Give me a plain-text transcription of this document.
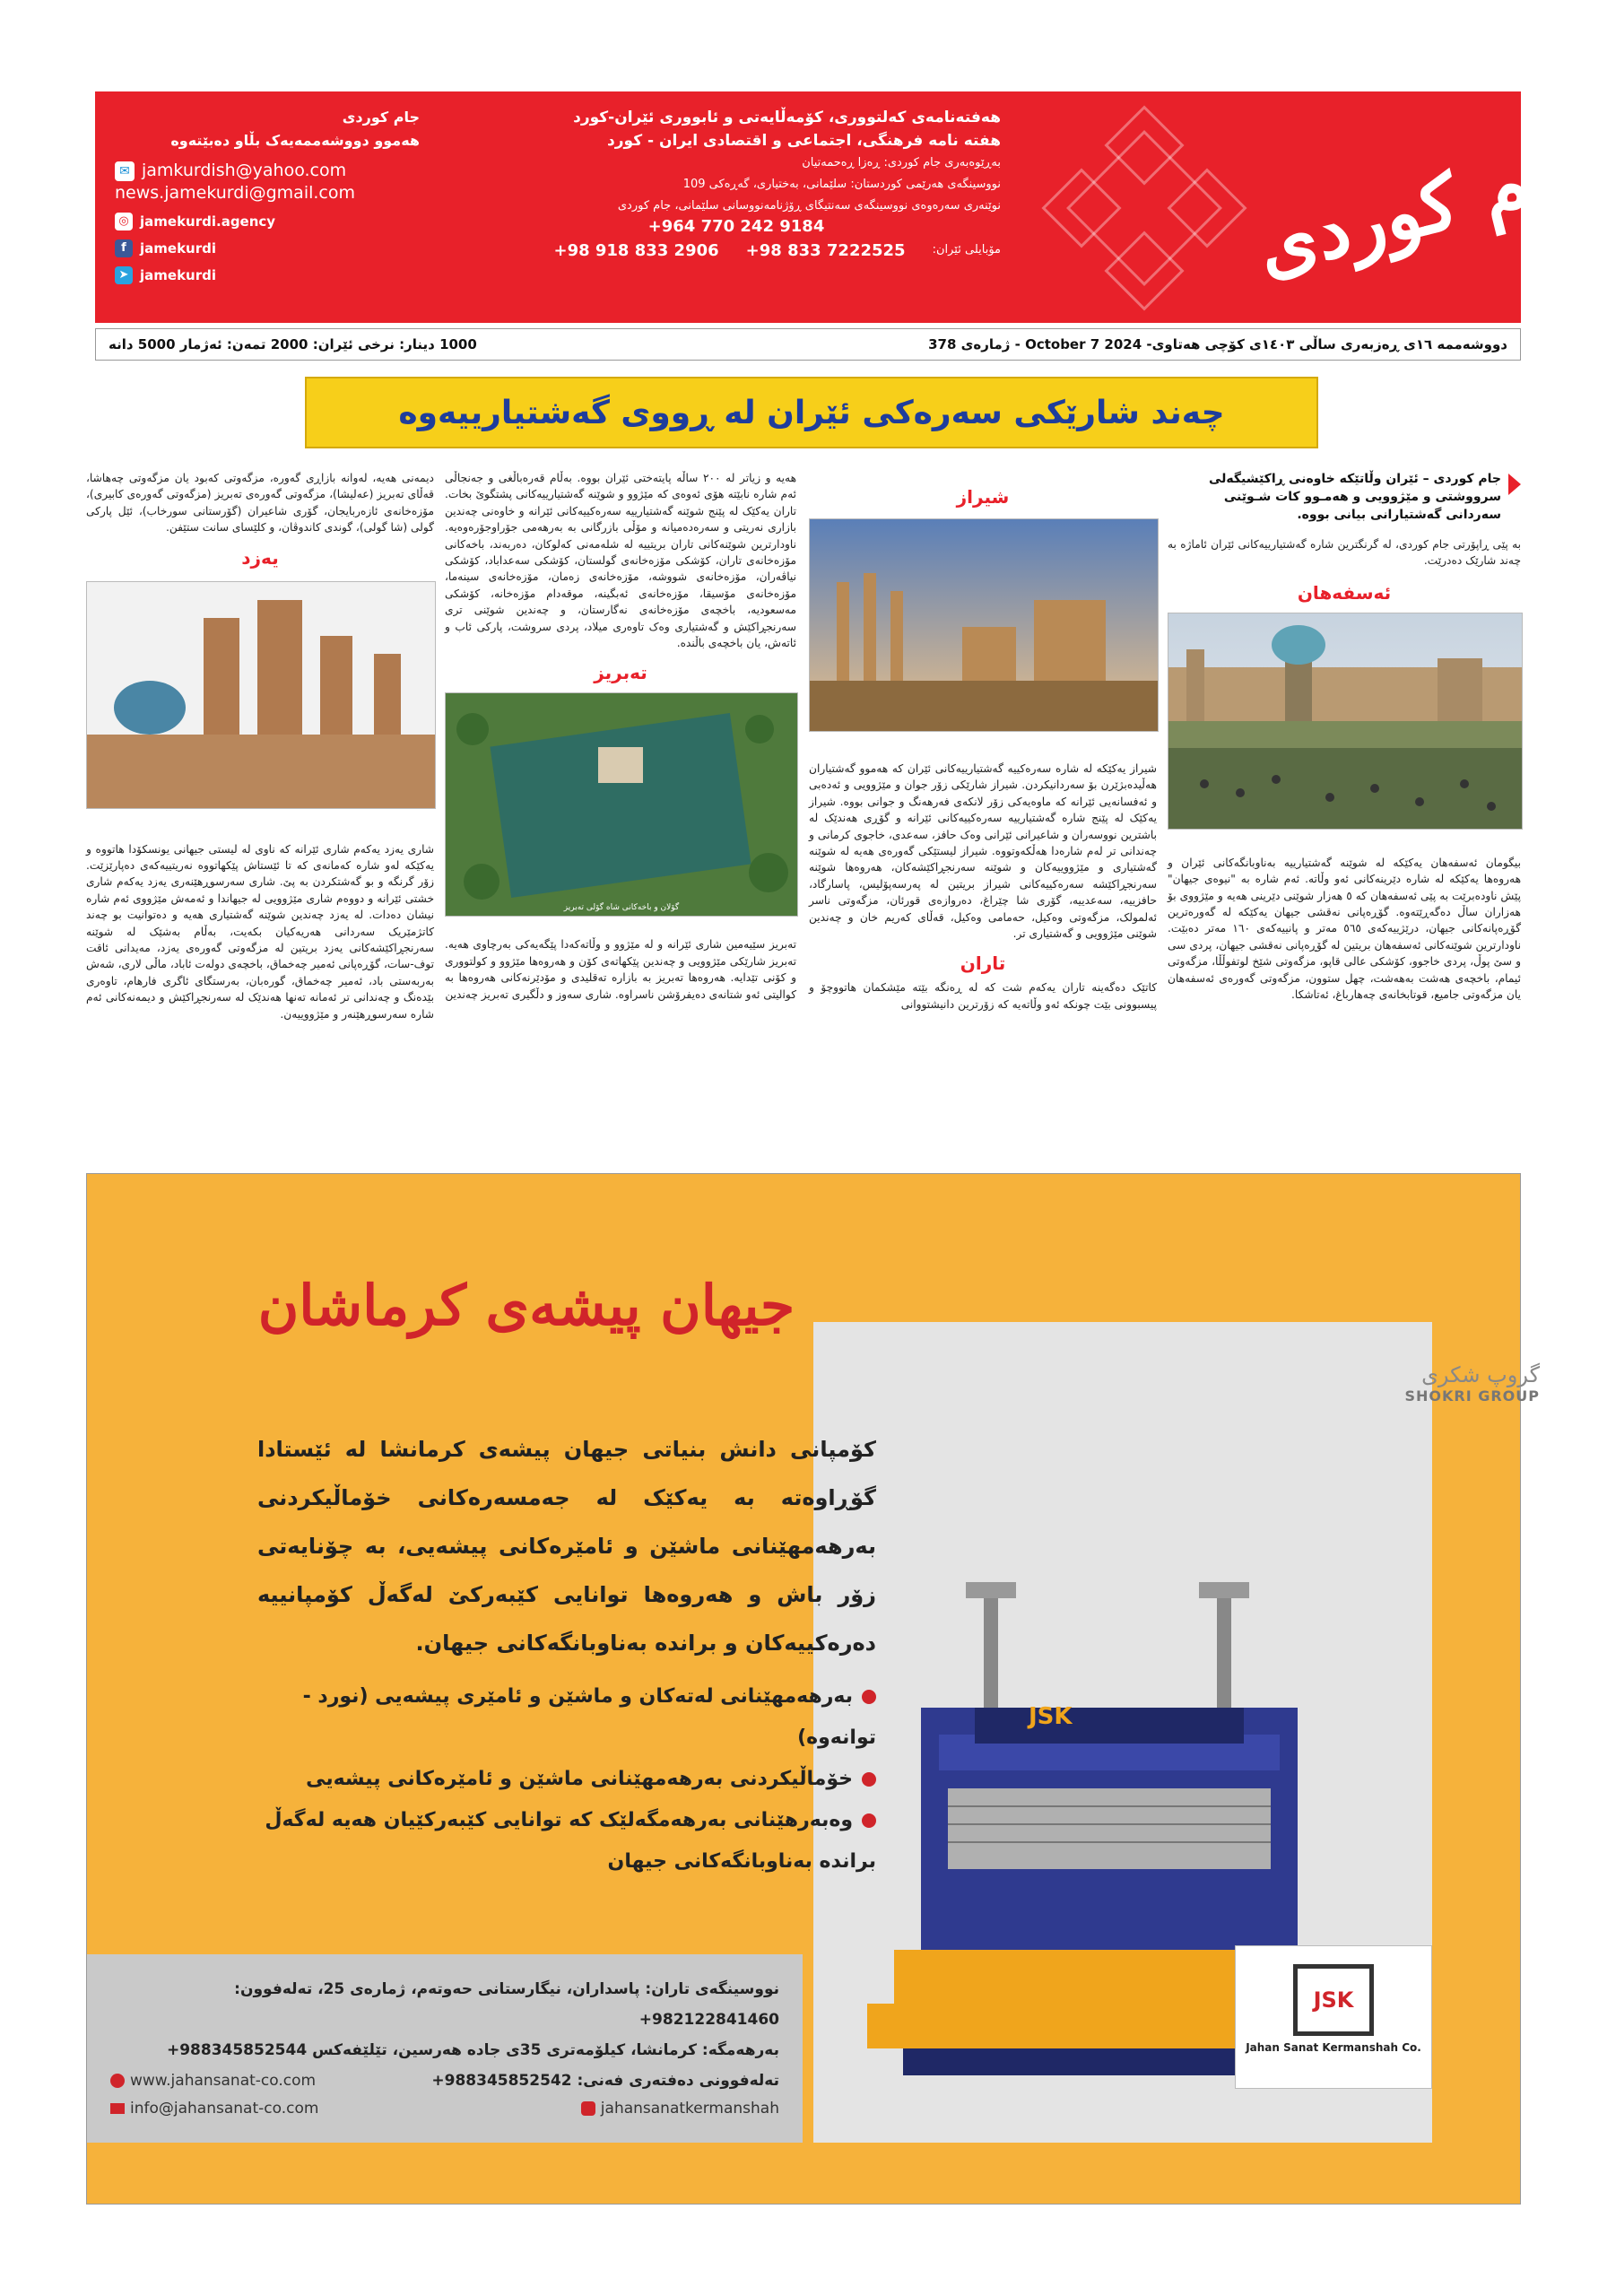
جام کوردی
هەفتەنامەی کەلتووری، کۆمەڵایەتی و ئابووری ئێران-کورد
هفته نامه فرهنگی، اجتماعی و اقتصادی ایران - کورد
بەڕێوەبەری جام کوردی: ڕەزا ڕەحمەتیان
نووسینگەی هەرێمی کوردستان: سلێمانی، بەختیاری، گەڕەکی 109
نوێنەری سەرەوەی نووسینگەی سەنتیگای ڕۆژنامەنووسانی سلێمانی، جام کوردی
+964 770 242 9184
مۆبایلی ئێران:
+98 833 7222525
+98 918 833 2906
جام کوردی
هەموو دووشەممەیەک بڵاو دەبێتەوە
✉ jamkurdish@yahoo.com
news.jamekurdi@gmail.com
◎ jamekurdi.agency
f	jamekurdi
➤ jamekurdi
1000 دینار: نرخی ئێران: 2000 تمەن: ئەژمار 5000 دانە	دووشەممە ١٦ی ڕەزبەری ساڵی ١٤٠٣ی کۆچی هەتاوی- 2024 7 October - ژمارەی 378
چەند شارێکی سەرەکی ئێران لە ڕووی گەشتیارییەوە
جام کوردی – ئێران وڵاتێکە خاوەنی ڕاکێشیگەلی سرووشتی و مێژوویی و هەمـوو کات شـوێنی سەردانی گەشتیارانی بیانی بووە.
بە پێی ڕاپۆرتی جام کوردی، لە گرنگترین شارە گەشتیارییەکانی ئێران ئاماژە بە چەند شارێک دەدرێت.
ئەسفەهان
بیگومان ئەسفەهان یەکێکە لە شوێنە گەشتیارییە بەناوبانگەکانی ئێران و هەروەها یەکێکە لە شارە دێرینەکانی ئەو وڵاتە. ئەم شارە بە "نیوەی جیهان" پێش ناودەبرێت بە پێی ئەسفەهان کە ٥ هەزار شوێنی دێرینی هەیە و مێژووی بۆ هەزاران ساڵ دەگەڕێتەوە. گۆڕەپانی نەقشی جیهان یەکێکە لە گەورەترین گۆڕەپانەکانی جیهان، درێژییەکەی ٥٦٥ مەتر و پانییەکەی ١٦٠ مەتر دەبێت. ناودارترین شوێنەکانی ئەسفەهان بریتین لە گۆڕەپانی نەقشی جیهان، پردی سی و سێ پوڵ، پردی خاجوو، کۆشکی عالی قاپو، مزگەوتی شێخ لوتفوڵڵا، مزگەوتی ئیمام، باخچەی هەشت بەهەشت، چهل ستوون، مزگەوتی گەورەی ئەسفەهان یان مزگەوتی جامیع، قوتابخانەی چەهارباغ، ئەتاشکا.
شیراز
شیراز یەکێکە لە شارە سەرەکییە گەشتیارییەکانی ئێران کە هەموو گەشتیاران هەڵیدەبژێرن بۆ سەردانیکردن. شیراز شارێکی زۆر جوان و مێژوویی و ئەدەبی و ئەفسانەیی ئێرانە کە ماوەیەکی زۆر لانکەی فەرهەنگ و جوانی بووە. شیراز یەکێک لە پێنج شارە گەشتیارییە سەرەکییەکانی ئێرانە و گۆڕی هەندێک لە باشترین نووسەران و شاعیرانی ئێرانی وەک حافز، سەعدی، خاجوی کرمانی و چەندانی تر لەم شارەدا هەڵکەوتووە. شیراز لیستێکی گەورەی هەیە لە شوێنە گەشتیاری و مێژووییەکان و شوێنە سەرنجڕاکێشەکان، هەروەها شوێنە سەرنجڕاکێشە سەرەکییەکانی شیراز بریتین لە پەرسەپۆلیس، پاسارگاد، حافزییە، سەعدییە، گۆری شا چێراغ، دەروازەی قورئان، مزگەوتی ناسر ئەلمولک، مزگەوتی وەکیل، حەمامی وەکیل، قەڵای کەریم خان و چەندین شوێنی مێژوویی و گەشتیاری تر.
تاران
کاتێک دەگەینە تاران یەکەم شت کە لە ڕەنگە بێتە مێشکمان هاتووچۆ و پیسبوونی بێت چونکە ئەو وڵاتەیە کە زۆرترین دانیشتووانی
هەیە و زیاتر لە ٢٠٠ ساڵە پایتەختی ئێران بووە. بەڵام قەرەباڵغی و جەنجاڵی ئەم شارە نابێتە هۆی ئەوەی کە مێژوو و شوێنە گەشتیارییەکانی پشتگوێ بخات. تاران یەکێک لە پێنج شوێنە گەشتیارییە سەرەکییەکانی ئێرانە و خاوەنی چەندین بازاری نەریتی و سەرەدەمیانە و مۆڵی بازرگانی بە بەرهەمی جۆراوجۆرەوەیە. ناودارترین شوێنەکانی تاران بریتییە لە شلەمەنی کەلوکان، دەربەند، باخەکانی مۆزەخانەی تاران، کۆشکی مۆزەخانەی گولستان، کۆشکی سەعداباد، کۆشکی نیاڤەران، مۆزەخانەی شووشە، مۆزەخانەی زەمان، مۆزەخانەی سینەما، مۆزەخانەی مۆسیقا، مۆزەخانەی ئەبگینە، موقەدام مۆزەخانە، کۆشکی مەسعودیە، باخچەی مۆزەخانەی نەگارستان، و چەندین شوێنی تری سەرنجڕاکێش و گەشتیاری وەک تاوەری میلاد، پردی سروشت، پارکی ئاب و ئاتەش، یان باخچەی باڵندە.
تەبریز
گۆلان و باخەکانی شاه گۆلی تەبریز
تەبریز سێیەمین شاری ئێرانە و لە مێژوو و وڵاتەکەدا پێگەیەکی بەرچاوی هەیە. تەبریز شارێکی مێژوویی و چەندین پێکهاتەی کۆن و هەروەها مێژوو و کولتووری و کۆنی تێدایە. هەروەها تەبریز بە بازارە تەقلیدی و مۆدێرنەکانی هەروەها بە کوالیتی ئەو شتانەی دەیفرۆشن ناسراوە. شاری سەوز و دڵگیری تەبریز چەندین
دیمەنی هەیە، لەوانە بازاڕی گەورە، مزگەوتی کەبود یان مزگەوتی چەهاشا، قەڵای تەبریز (عەلیشا)، مزگەوتی گەورەی تەبریز (مزگەوتی گەورەی کابیری)، مۆزەخانەی ئازەربایجان، گۆری شاعیران (گۆرستانی سورخاب)، ئێل پارکی گولی (شا گولی)، گوندی کاندوڤان، و کلێسای سانت ستێفن.
یەزد
شاری یەزد یەکەم شاری ئێرانە کە ناوی لە لیستی جیهانی یونسکۆدا هاتووە و یەکێکە لەو شارە کەمانەی کە تا ئێستاش پێکهاتووە نەریتییەکەی دەپارێزێت. زۆر گرنگە و بو گەشتکردن بە پێ. شاری سەرسوڕهێنەری یەزد یەکەم شاری خشتی ئێرانە و دووەم شاری مێژوویی لە جیهاندا و ئەمەش مێژووی ئەم شارە نیشان دەدات. لە یەزد چەندین شوێنە گەشتیاری هەیە و دەتوانیت بو چەند کاتژمێریک سەردانی هەریەکیان بکەیت، بەڵام بەشێک لە شوێنە سەرنجڕاکێشەکانی یەزد بریتین لە مزگەوتی گەورەی یەزد، مەیدانی ئاقت توف-سات، گۆڕەپانی ئەمیر چەخماق، باخچەی دولەت ئاباد، ماڵی لاری، شەش بەربەستی باد، ئەمیر چەخماق، گورەبان، بەرستگای ئاگری فارهام، تاوەری بێدەنگ و چەندانی تر ئەمانە تەنها هەندێک لە سەرنجڕاکێش و دیمەنەکانی ئەم شارە سەرسوڕهێنەر و مێژووییەن.
JSK
گروپ شکری
SHOKRI GROUP
JSK
Jahan Sanat Kermanshah Co.
جیهان پیشەی کرماشان
کۆمپانی دانش بنیاتی جیهان پیشەی کرمانشا لە ئێستادا گۆڕاوەتە بە یەکێک لە جەمسەرەکانی خۆماڵیکردنی بەرهەمهێنانی ماشێن و ئامێرەکانی پیشەیی، بە چۆنایەتی زۆر باش و هەروەها توانایی کێبەرکێ لەگەڵ کۆمپانییە دەرەکییەکان و براندە بەناوبانگەکانی جیهان.
بەرهەمهێنانی لەتەکان و ماشێن و ئامێری پیشەیی (نورد - توانەوە)
خۆماڵیکردنی بەرهەمهێنانی ماشێن و ئامێرەکانی پیشەیی
وەبەرهێنانی بەرهەمگەلێک کە توانایی کێبەرکێیان هەیە لەگەڵ براندە بەناوبانگەکانی جیهان
نووسینگەی تاران: پاسداران، نیگارستانی حەوتەم، ژمارەی 25، تەلەفوون: 982122841460+
بەرهەمگە: کرمانشا، کیلۆمەتری 35ی جادە هەرسین، تێلێفەکس 988345852544+
تەلەفوونی دەفتەری فەنی: 988345852542+
www.jahansanat-co.com
jahansanatkermanshah
info@jahansanat-co.com
